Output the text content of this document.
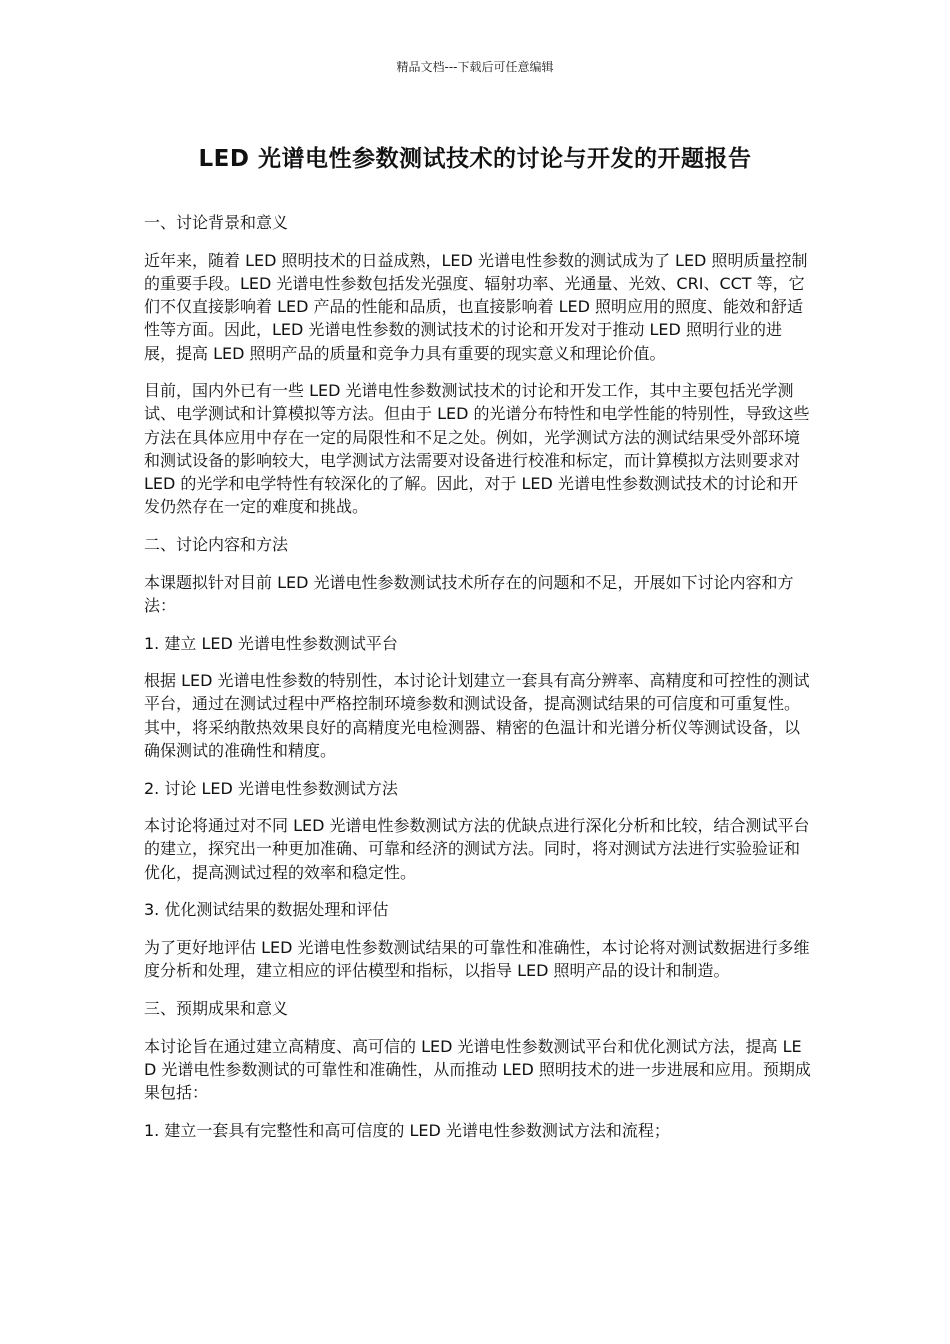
精品文档---下载后可任意编辑
LED 光谱电性参数测试技术的讨论与开发的开题报告

一、讨论背景和意义

近年来，随着 LED 照明技术的日益成熟，LED 光谱电性参数的测试成为了 LED 照明质量控制的重要手段。LED 光谱电性参数包括发光强度、辐射功率、光通量、光效、CRI、CCT 等，它们不仅直接影响着 LED 产品的性能和品质，也直接影响着 LED 照明应用的照度、能效和舒适性等方面。因此，LED 光谱电性参数的测试技术的讨论和开发对于推动 LED 照明行业的进展，提高 LED 照明产品的质量和竞争力具有重要的现实意义和理论价值。

目前，国内外已有一些 LED 光谱电性参数测试技术的讨论和开发工作，其中主要包括光学测试、电学测试和计算模拟等方法。但由于 LED 的光谱分布特性和电学性能的特别性，导致这些方法在具体应用中存在一定的局限性和不足之处。例如，光学测试方法的测试结果受外部环境和测试设备的影响较大，电学测试方法需要对设备进行校准和标定，而计算模拟方法则要求对 LED 的光学和电学特性有较深化的了解。因此，对于 LED 光谱电性参数测试技术的讨论和开发仍然存在一定的难度和挑战。

二、讨论内容和方法

本课题拟针对目前 LED 光谱电性参数测试技术所存在的问题和不足，开展如下讨论内容和方法：

1. 建立 LED 光谱电性参数测试平台

根据 LED 光谱电性参数的特别性，本讨论计划建立一套具有高分辨率、高精度和可控性的测试平台，通过在测试过程中严格控制环境参数和测试设备，提高测试结果的可信度和可重复性。其中，将采纳散热效果良好的高精度光电检测器、精密的色温计和光谱分析仪等测试设备，以确保测试的准确性和精度。

2. 讨论 LED 光谱电性参数测试方法

本讨论将通过对不同 LED 光谱电性参数测试方法的优缺点进行深化分析和比较，结合测试平台的建立，探究出一种更加准确、可靠和经济的测试方法。同时，将对测试方法进行实验验证和优化，提高测试过程的效率和稳定性。

3. 优化测试结果的数据处理和评估

为了更好地评估 LED 光谱电性参数测试结果的可靠性和准确性，本讨论将对测试数据进行多维度分析和处理，建立相应的评估模型和指标，以指导 LED 照明产品的设计和制造。

三、预期成果和意义

本讨论旨在通过建立高精度、高可信的 LED 光谱电性参数测试平台和优化测试方法，提高 LED 光谱电性参数测试的可靠性和准确性，从而推动 LED 照明技术的进一步进展和应用。预期成果包括：

1. 建立一套具有完整性和高可信度的 LED 光谱电性参数测试方法和流程；
